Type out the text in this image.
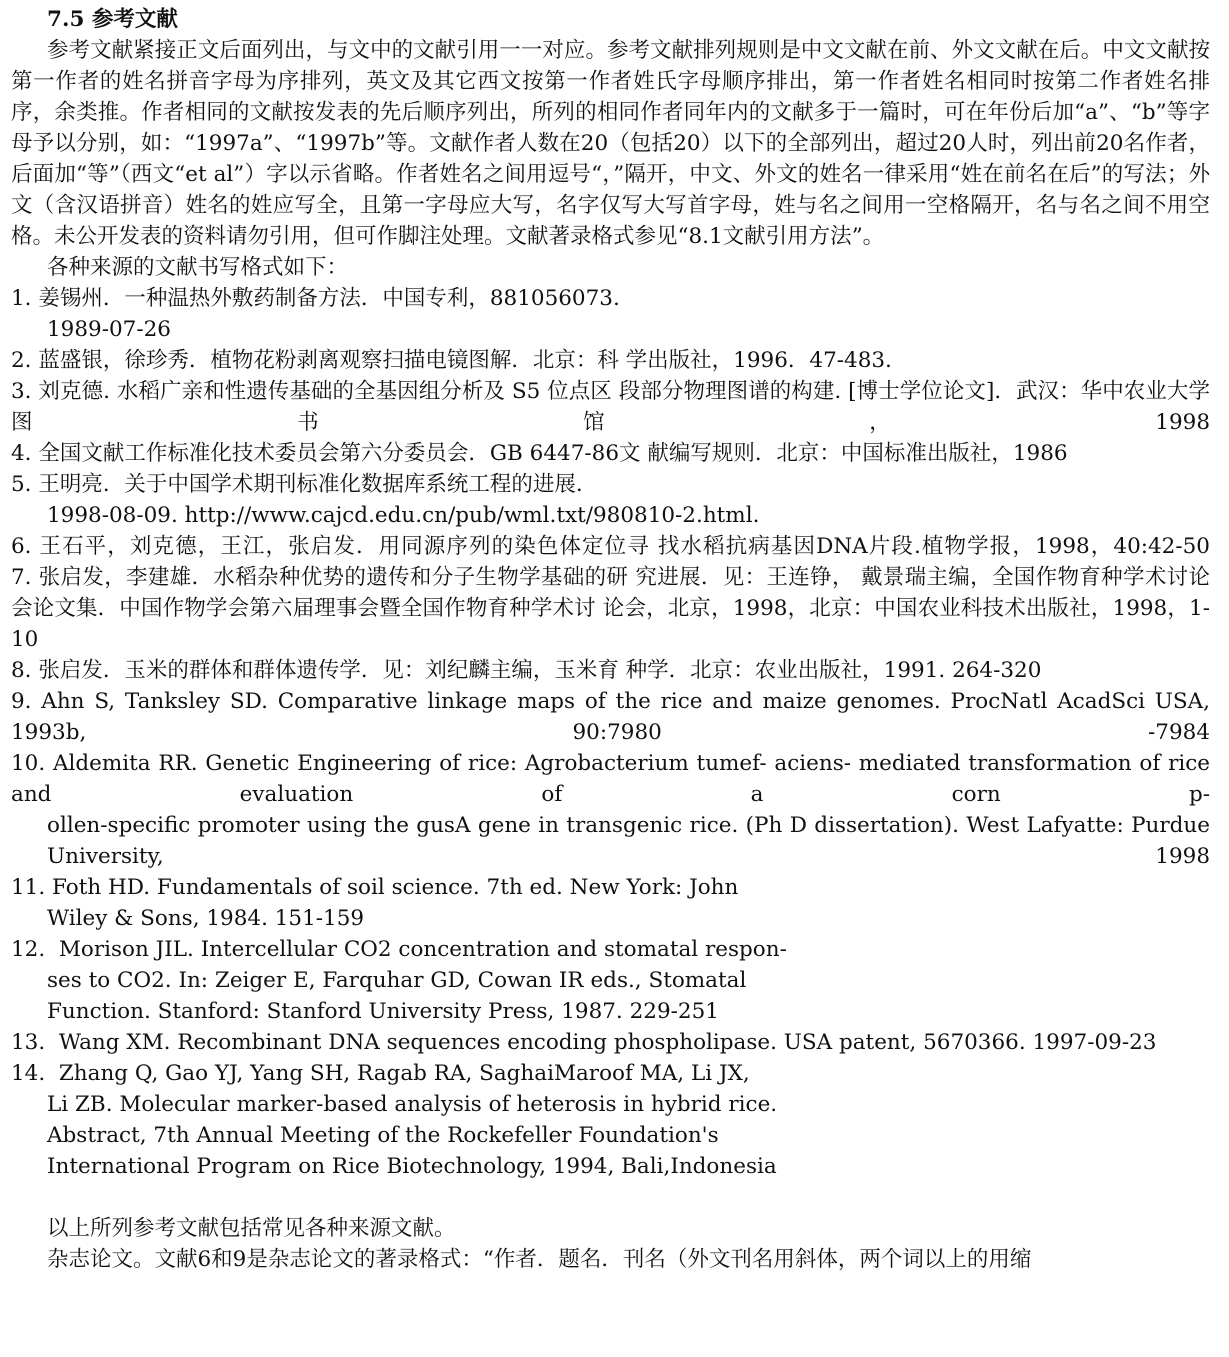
7.5 参考文献

参考文献紧接正文后面列出，与文中的文献引用一一对应。参考文献排列规则是中文文献在前、外文文献在后。中文文献按第一作者的姓名拼音字母为序排列，英文及其它西文按第一作者姓氏字母顺序排出，第一作者姓名相同时按第二作者姓名排序，余类推。作者相同的文献按发表的先后顺序列出，所列的相同作者同年内的文献多于一篇时，可在年份后加“a”、“b”等字母予以分别，如：“1997a”、“1997b”等。文献作者人数在20（包括20）以下的全部列出，超过20人时，列出前20名作者，后面加“等”（西文“et al”）字以示省略。作者姓名之间用逗号“，”隔开，中文、外文的姓名一律采用“姓在前名在后”的写法；外文（含汉语拼音）姓名的姓应写全，且第一字母应大写，名字仅写大写首字母，姓与名之间用一空格隔开，名与名之间不用空格。未公开发表的资料请勿引用，但可作脚注处理。文献著录格式参见“8.1文献引用方法”。

各种来源的文献书写格式如下：
1. 姜锡州．一种温热外敷药制备方法．中国专利，881056073.
1989-07-26
2. 蓝盛银，徐珍秀．植物花粉剥离观察扫描电镜图解．北京：科 学出版社，1996．47-483.

3. 刘克德. 水稻广亲和性遗传基础的全基因组分析及 S5 位点区 段部分物理图谱的构建. [博士学位论文]．武汉：华中农业大学 图书馆，1998

4. 全国文献工作标准化技术委员会第六分委员会．GB 6447-86文 献编写规则．北京：中国标准出版社，1986
5. 王明亮．关于中国学术期刊标准化数据库系统工程的进展.
1998-08-09. http://www.cajcd.edu.cn/pub/wml.txt/980810-2.html.

6. 王石平，刘克德，王江，张启发．用同源序列的染色体定位寻 找水稻抗病基因DNA片段.植物学报，1998，40:42-50

7. 张启发，李建雄．水稻杂种优势的遗传和分子生物学基础的研 究进展．见：王连铮， 戴景瑞主编，全国作物育种学术讨论 会论文集．中国作物学会第六届理事会暨全国作物育种学术讨 论会，北京，1998，北京：中国农业科技术出版社，1998，1-10

8. 张启发．玉米的群体和群体遗传学．见：刘纪麟主编，玉米育 种学．北京：农业出版社，1991. 264-320

9. Ahn S, Tanksley SD. Comparative linkage maps of the rice and maize genomes. ProcNatl AcadSci USA, 1993b, 90:7980 -7984

10. Aldemita RR. Genetic Engineering of rice: Agrobacterium tumef- aciens- mediated transformation of rice and evaluation of a corn p-

ollen-specific promoter using the gusA gene in transgenic rice. (Ph D dissertation). West Lafyatte: Purdue University, 1998

11. Foth HD. Fundamentals of soil science. 7th ed. New York: John
Wiley & Sons, 1984. 151-159
12.  Morison JIL. Intercellular CO2 concentration and stomatal respon-
ses to CO2. In: Zeiger E, Farquhar GD, Cowan IR eds., Stomatal
Function. Stanford: Stanford University Press, 1987. 229-251
13.  Wang XM. Recombinant DNA sequences encoding phospholipase. USA patent, 5670366. 1997-09-23
14.  Zhang Q, Gao YJ, Yang SH, Ragab RA, SaghaiMaroof MA, Li JX,
Li ZB. Molecular marker-based analysis of heterosis in hybrid rice.
Abstract, 7th Annual Meeting of the Rockefeller Foundation's
International Program on Rice Biotechnology, 1994, Bali,Indonesia
以上所列参考文献包括常见各种来源文献。
杂志论文。文献6和9是杂志论文的著录格式：“作者．题名．刊名（外文刊名用斜体，两个词以上的用缩
